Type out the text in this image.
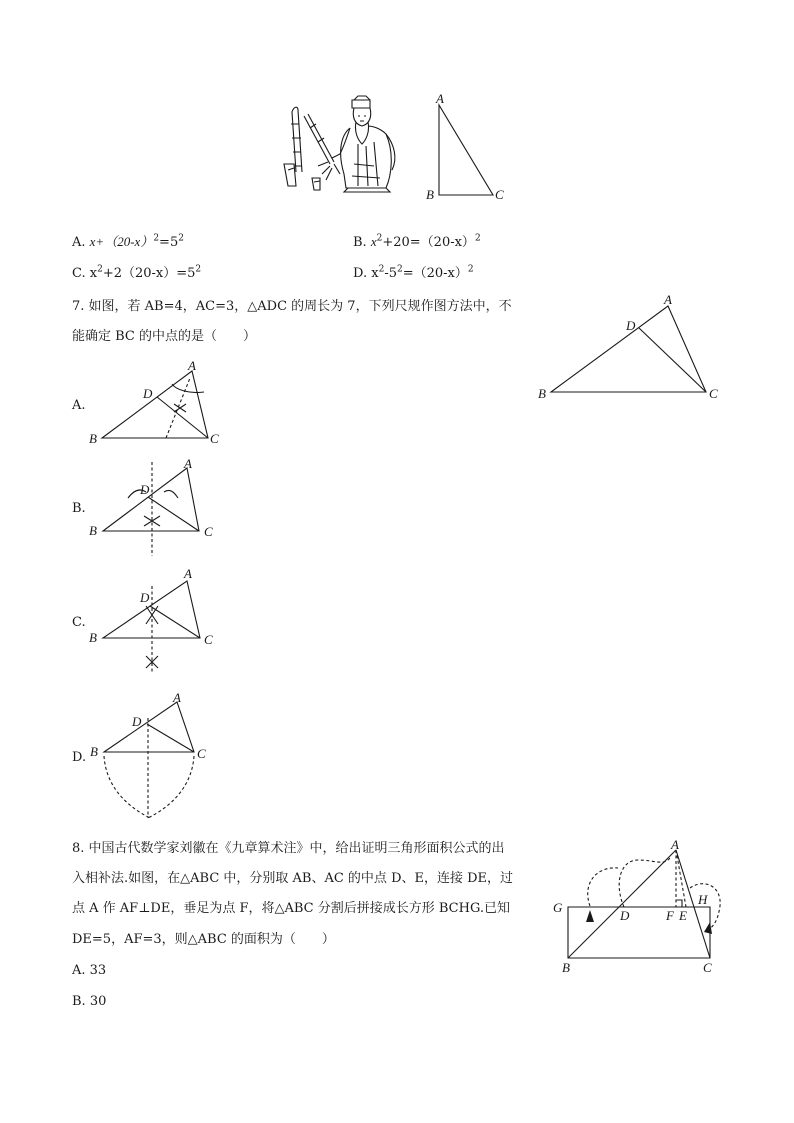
A
B	C
A. $x+(20-x)^2=5^2$	B. $x^2+20=(20-x)^2$
C. $x^2+2(20-x)=5^2$	D. $x^2-5^2=(20-x)^2$
7. 如图，若 AB=4，AC=3，△ADC 的周长为 7，下列尺规作图方法中，不
能确定 BC 的中点的是（　　）
A
D
B	C
A.
A
D
B	C
B.
A
D
B	C
C.
A
D
B	C
D.
A
D
B	C
8. 中国古代数学家刘徽在《九章算术注》中，给出证明三角形面积公式的出
入相补法.如图，在△ABC 中，分别取 AB、AC 的中点 D、E，连接 DE，过
点 A 作 AF⊥DE，垂足为点 F，将△ABC 分割后拼接成长方形 BCHG.已知
DE=5，AF=3，则△ABC 的面积为（　　）
A. 33
B. 30
A
G
D	F E
H
B	C
